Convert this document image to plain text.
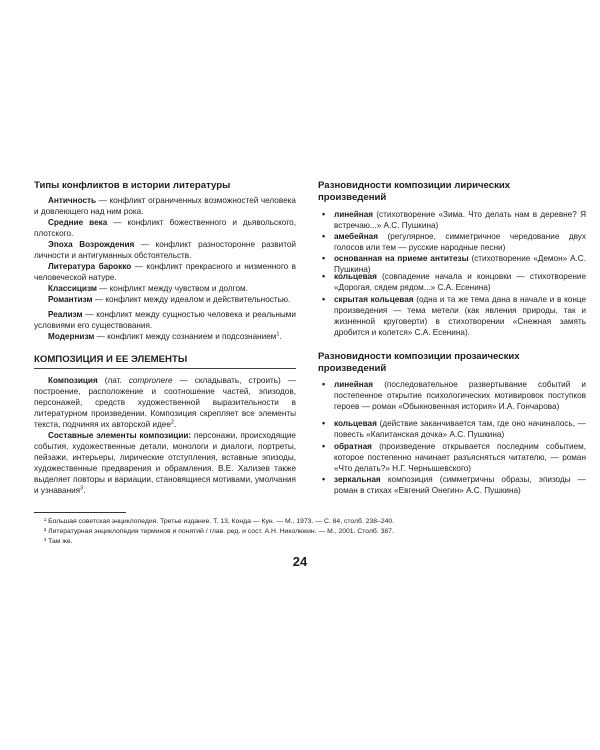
Типы конфликтов в истории литературы
Античность — конфликт ограниченных возможностей человека и довлеющего над ним рока.
Средние века — конфликт божественного и дьявольского, плотского.
Эпоха Возрождения — конфликт разносторонне развитой личности и антигуманных обстоятельств.
Литература барокко — конфликт прекрасного и низменного в человеческой натуре.
Классицизм — конфликт между чувством и долгом.
Романтизм — конфликт между идеалом и действительностью.
Реализм — конфликт между сущностью человека и реальными условиями его существования.
Модернизм — конфликт между сознанием и подсознанием$^1$.
КОМПОЗИЦИЯ И ЕЕ ЭЛЕМЕНТЫ
Композиция (лат. compronere — складывать, строить) — построение, расположение и соотношение частей, эпизодов, персонажей, средств художественной выразительности в литературном произведении. Композиция скрепляет все элементы текста, подчиняя их авторской идее$^2$.
Составные элементы композиции: персонажи, происходящие события, художественные детали, монологи и диалоги, портреты, пейзажи, интерьеры, лирические отступления, вставные эпизоды, художественные предварения и обрамления. В.Е. Хализев также выделяет повторы и вариации, становящиеся мотивами, умолчания и узнавания$^3$.
Разновидности композиции лирических произведений
• линейная (стихотворение «Зима. Что делать нам в деревне? Я встречаю...» А.С. Пушкина)
• амебейная (регулярное, симметричное чередование двух голосов или тем — русские народные песни)
• основанная на приеме антитезы (стихотворение «Демон» А.С. Пушкина)
• кольцевая (совпадение начала и концовки — стихотворение «Дорогая, сядем рядом...» С.А. Есенина)
• скрытая кольцевая (одна и та же тема дана в начале и в конце произведения — тема метели (как явления природы, так и жизненной круговерти) в стихотворении «Снежная замять дробится и колется» С.А. Есенина).
Разновидности композиции прозаических произведений
• линейная (последовательное развертывание событий и постепенное открытие психологических мотивировок поступков героев — роман «Обыкновенная история» И.А. Гончарова)
• кольцевая (действие заканчивается там, где оно начиналось, — повесть «Капитанская дочка» А.С. Пушкина)
• обратная (произведение открывается последним событием, которое постепенно начинает разъясняться читателю, — роман «Что делать?» Н.Г. Чернышевского)
• зеркальная композиция (симметричны образы, эпизоды — роман в стихах «Евгений Онегин» А.С. Пушкина)
¹ Большая советская энциклопедия. Третье издание. Т. 13, Конда — Кун. — М., 1973. — С. 84, столб. 238–240.
² Литературная энциклопедия терминов и понятий / глав. ред. и сост. А.Н. Николюкин. — М., 2001. Столб. 387.
³ Там же.
24
